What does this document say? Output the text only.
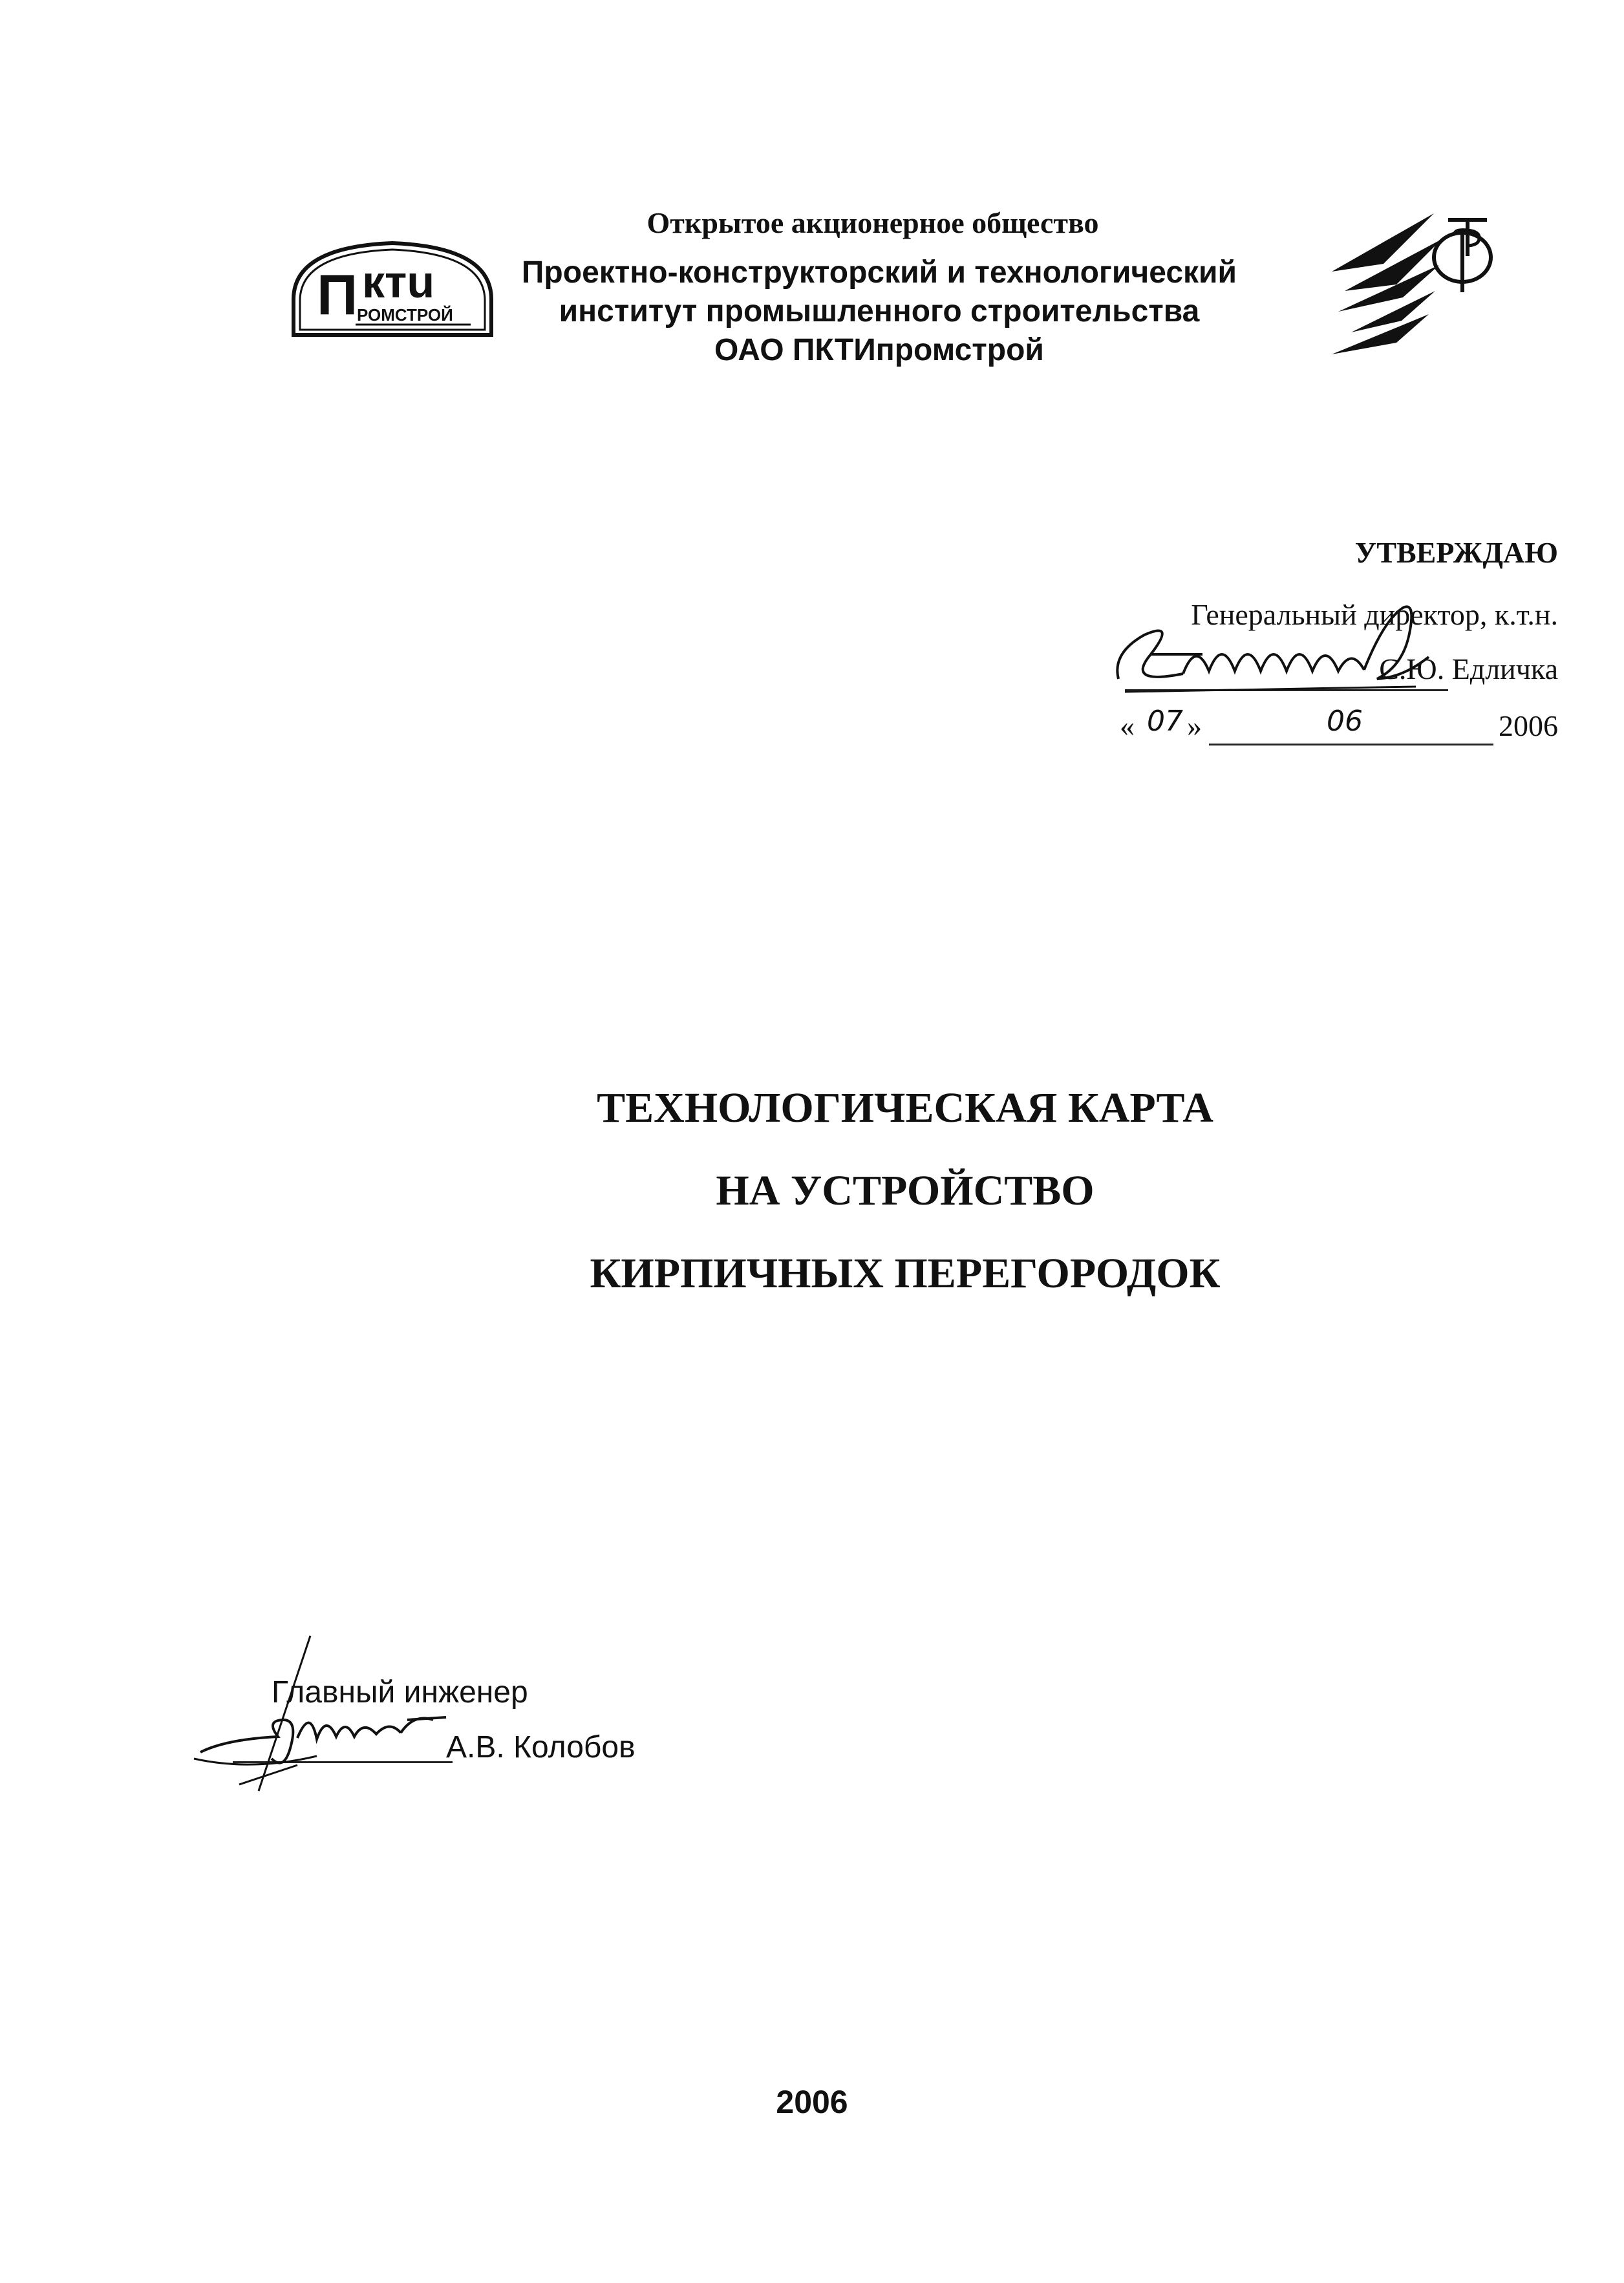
Открытое акционерное общество
Проектно-конструкторский и технологический
институт промышленного строительства
ОАО ПКТИпромстрой
П ктu
РОМСТРОЙ
УТВЕРЖДАЮ
Генеральный директор, к.т.н.
С.Ю. Едличка
« 07 »	06	2006
ТЕХНОЛОГИЧЕСКАЯ КАРТА
НА УСТРОЙСТВО
КИРПИЧНЫХ ПЕРЕГОРОДОК
Главный инженер
А.В. Колобов
2006
